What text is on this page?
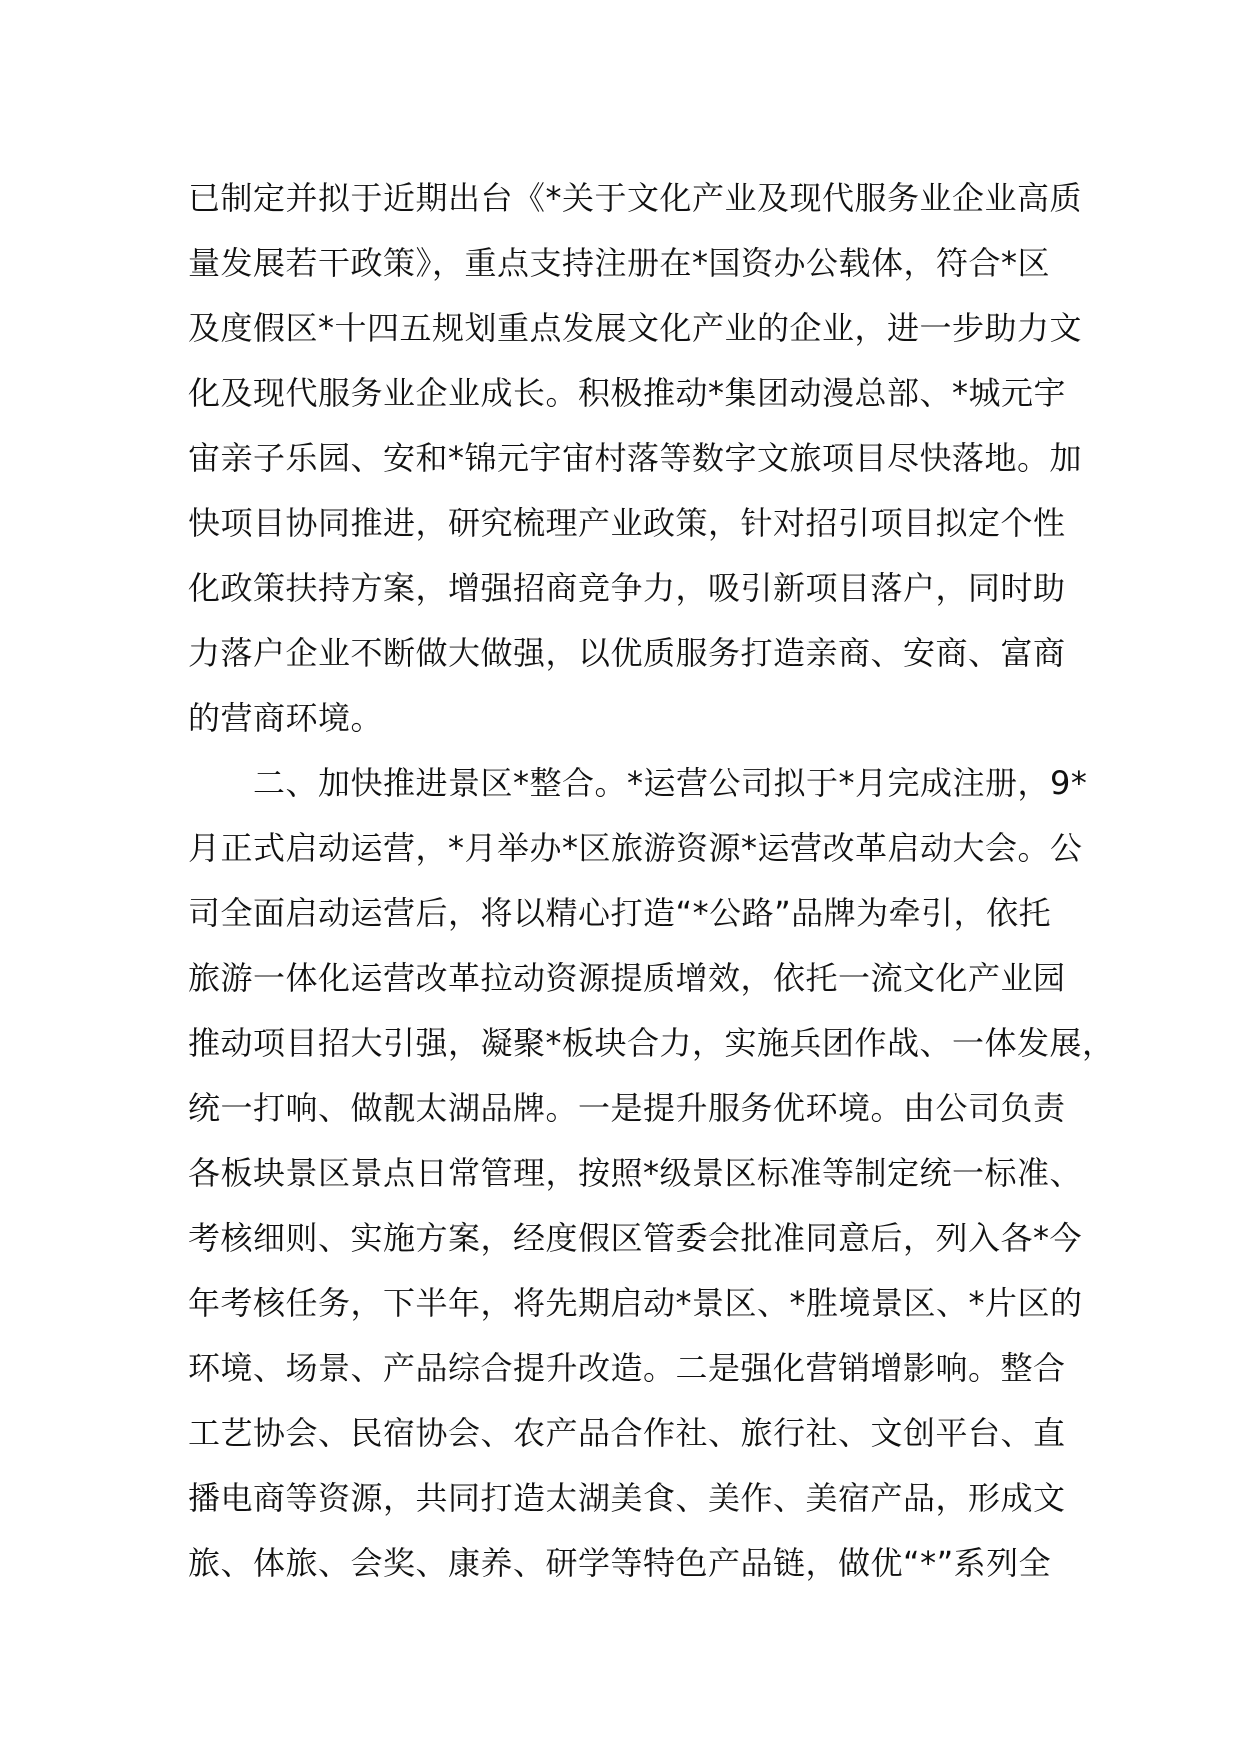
已制定并拟于近期出台《*关于文化产业及现代服务业企业高质
量发展若干政策》，重点支持注册在*国资办公载体，符合*区
及度假区*十四五规划重点发展文化产业的企业，进一步助力文
化及现代服务业企业成长。积极推动*集团动漫总部、*城元宇
宙亲子乐园、安和*锦元宇宙村落等数字文旅项目尽快落地。加
快项目协同推进，研究梳理产业政策，针对招引项目拟定个性
化政策扶持方案，增强招商竞争力，吸引新项目落户，同时助
力落户企业不断做大做强，以优质服务打造亲商、安商、富商
的营商环境。
　　二、加快推进景区*整合。*运营公司拟于*月完成注册，9*
月正式启动运营，*月举办*区旅游资源*运营改革启动大会。公
司全面启动运营后，将以精心打造“*公路”品牌为牵引，依托
旅游一体化运营改革拉动资源提质增效，依托一流文化产业园
推动项目招大引强，凝聚*板块合力，实施兵团作战、一体发展，
统一打响、做靓太湖品牌。一是提升服务优环境。由公司负责
各板块景区景点日常管理，按照*级景区标准等制定统一标准、
考核细则、实施方案，经度假区管委会批准同意后，列入各*今
年考核任务，下半年，将先期启动*景区、*胜境景区、*片区的
环境、场景、产品综合提升改造。二是强化营销增影响。整合
工艺协会、民宿协会、农产品合作社、旅行社、文创平台、直
播电商等资源，共同打造太湖美食、美作、美宿产品，形成文
旅、体旅、会奖、康养、研学等特色产品链，做优“*”系列全
